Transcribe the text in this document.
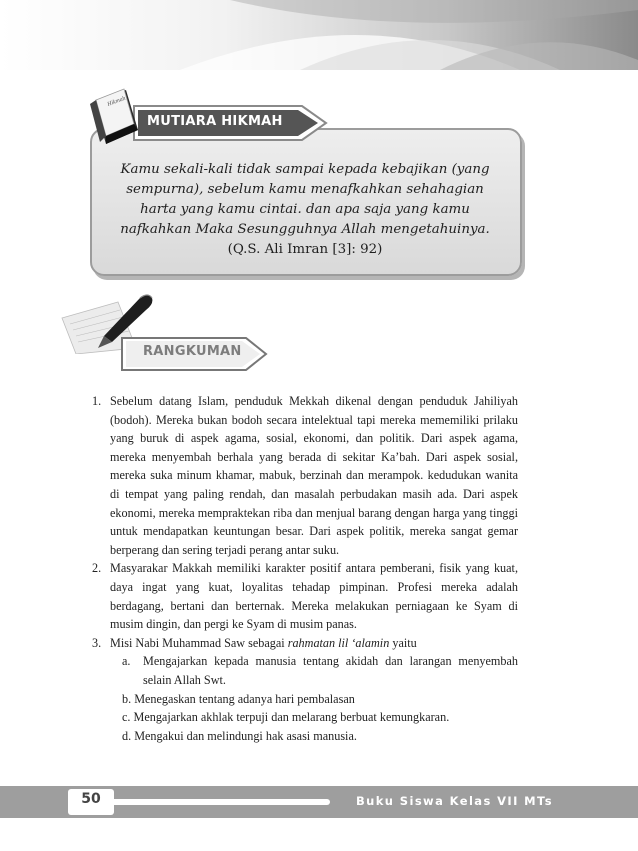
MUTIARA HIKMAH
Hikmah

Kamu sekali-kali tidak sampai kepada kebajikan (yang

sempurna), sebelum kamu menafkahkan sehahagian

harta yang kamu cintai. dan apa saja yang kamu

nafkahkan Maka Sesungguhnya Allah mengetahuinya.

(Q.S. Ali Imran [3]: 92)

RANGKUMAN
1. Sebelum datang Islam, penduduk Mekkah dikenal dengan penduduk Jahiliyah (bodoh). Mereka bukan bodoh secara intelektual tapi mereka mememiliki prilaku yang buruk di aspek agama, sosial, ekonomi, dan politik. Dari aspek agama, mereka menyembah berhala yang berada di sekitar Ka’bah. Dari aspek sosial, mereka suka minum khamar, mabuk, berzinah dan merampok. kedudukan wanita di tempat yang paling rendah, dan masalah perbudakan masih ada. Dari aspek ekonomi, mereka mempraktekan riba dan menjual barang dengan harga yang tinggi untuk mendapatkan keuntungan besar. Dari aspek politik, mereka sangat gemar berperang dan sering terjadi perang antar suku.

2. Masyarakar Makkah memiliki karakter positif antara pemberani, fisik yang kuat, daya ingat yang kuat, loyalitas tehadap pimpinan. Profesi mereka adalah berdagang, bertani dan berternak. Mereka melakukan perniagaan ke Syam di musim dingin, dan pergi ke Syam di musim panas.

3. Misi Nabi Muhammad Saw sebagai rahmatan lil ‘alamin yaitu

a. Mengajarkan kepada manusia tentang akidah dan larangan menyembah selain Allah Swt.

b. Menegaskan tentang adanya hari pembalasan

c. Mengajarkan akhlak terpuji dan melarang berbuat kemungkaran.

d. Mengakui dan melindungi hak asasi manusia.

50	Buku Siswa Kelas VII MTs
